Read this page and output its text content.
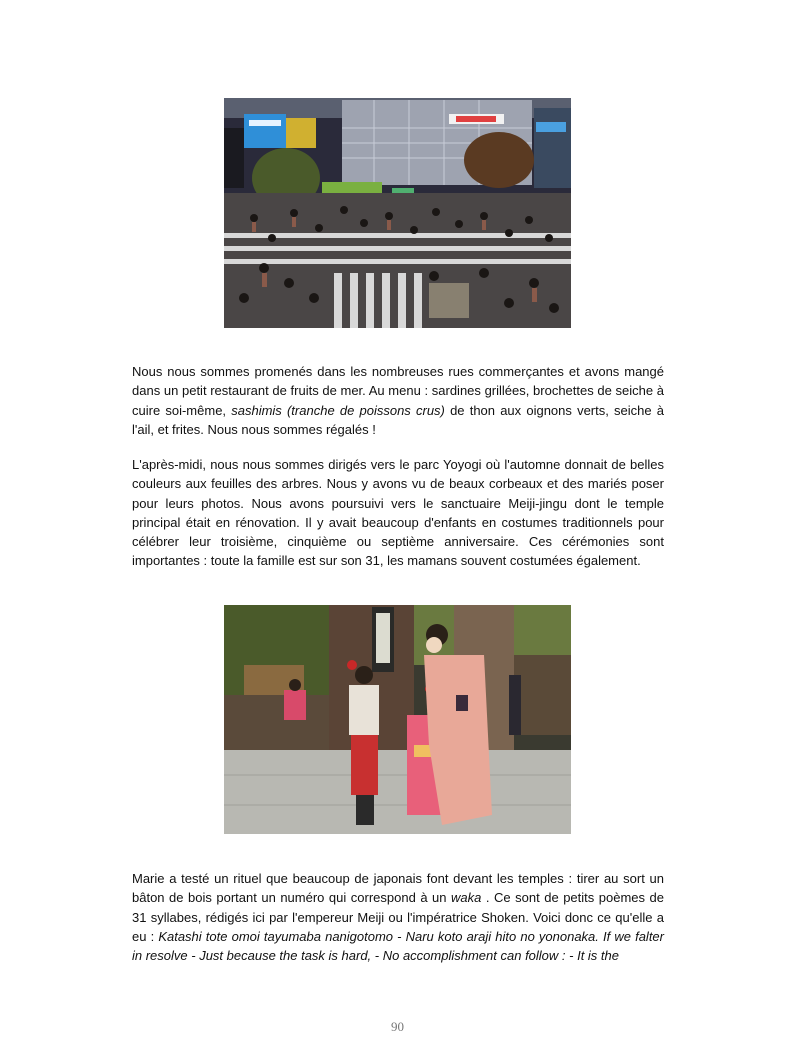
Nous nous sommes promenés dans les nombreuses rues commerçantes et avons mangé dans un petit restaurant de fruits de mer. Au menu : sardines grillées, brochettes de seiche à cuire soi-même, sashimis (tranche de poissons crus) de thon aux oignons verts, seiche à l'ail, et frites. Nous nous sommes régalés !

L'après-midi, nous nous sommes dirigés vers le parc Yoyogi où l'automne donnait de belles couleurs aux feuilles des arbres. Nous y avons vu de beaux corbeaux et des mariés poser pour leurs photos. Nous avons poursuivi vers le sanctuaire Meiji-jingu dont le temple principal était en rénovation. Il y avait beaucoup d'enfants en costumes traditionnels pour célébrer leur troisième, cinquième ou septième anniversaire. Ces cérémonies sont importantes : toute la famille est sur son 31, les mamans souvent costumées également.

Marie a testé un rituel que beaucoup de japonais font devant les temples : tirer au sort un bâton de bois portant un numéro qui correspond à un waka . Ce sont de petits poèmes de 31 syllabes, rédigés ici par l'empereur Meiji ou l'impératrice Shoken. Voici donc ce qu'elle a eu : Katashi tote omoi tayumaba nanigotomo - Naru koto araji hito no yononaka. If we falter in resolve - Just because the task is hard, - No accomplishment can follow : - It is the

90
